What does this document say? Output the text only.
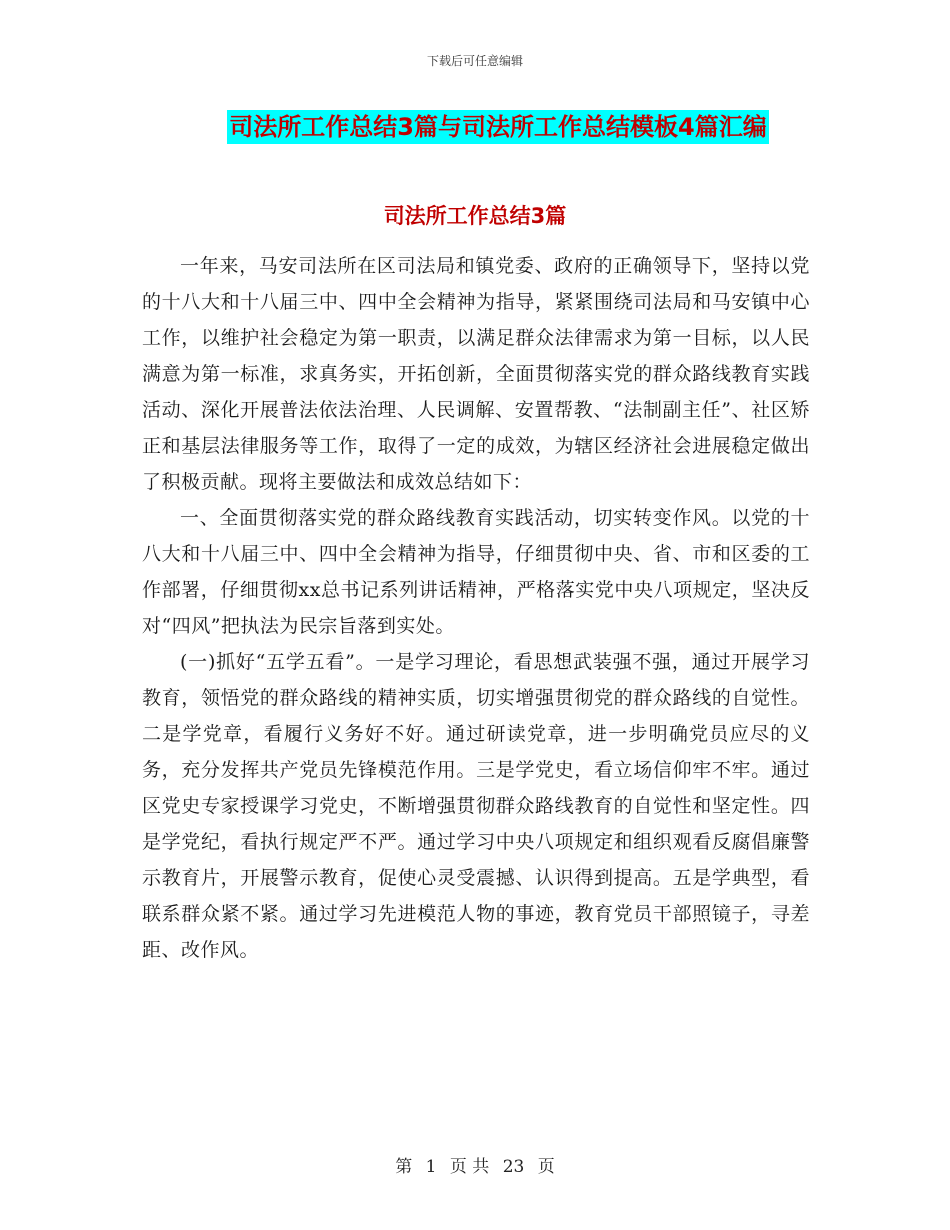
下载后可任意编辑
司法所工作总结3篇与司法所工作总结模板4篇汇编
司法所工作总结3篇

一年来，马安司法所在区司法局和镇党委、政府的正确领导下，坚持以党的十八大和十八届三中、四中全会精神为指导，紧紧围绕司法局和马安镇中心工作，以维护社会稳定为第一职责，以满足群众法律需求为第一目标，以人民满意为第一标准，求真务实，开拓创新，全面贯彻落实党的群众路线教育实践活动、深化开展普法依法治理、人民调解、安置帮教、“法制副主任”、社区矫正和基层法律服务等工作，取得了一定的成效，为辖区经济社会进展稳定做出了积极贡献。现将主要做法和成效总结如下：

一、全面贯彻落实党的群众路线教育实践活动，切实转变作风。以党的十八大和十八届三中、四中全会精神为指导，仔细贯彻中央、省、市和区委的工作部署，仔细贯彻xx总书记系列讲话精神，严格落实党中央八项规定，坚决反对“四风”把执法为民宗旨落到实处。

(一)抓好“五学五看”。一是学习理论，看思想武装强不强，通过开展学习教育，领悟党的群众路线的精神实质，切实增强贯彻党的群众路线的自觉性。二是学党章，看履行义务好不好。通过研读党章，进一步明确党员应尽的义务，充分发挥共产党员先锋模范作用。三是学党史，看立场信仰牢不牢。通过区党史专家授课学习党史，不断增强贯彻群众路线教育的自觉性和坚定性。四是学党纪，看执行规定严不严。通过学习中央八项规定和组织观看反腐倡廉警示教育片，开展警示教育，促使心灵受震撼、认识得到提高。五是学典型，看联系群众紧不紧。通过学习先进模范人物的事迹，教育党员干部照镜子，寻差距、改作风。

第 1 页 共 23 页
